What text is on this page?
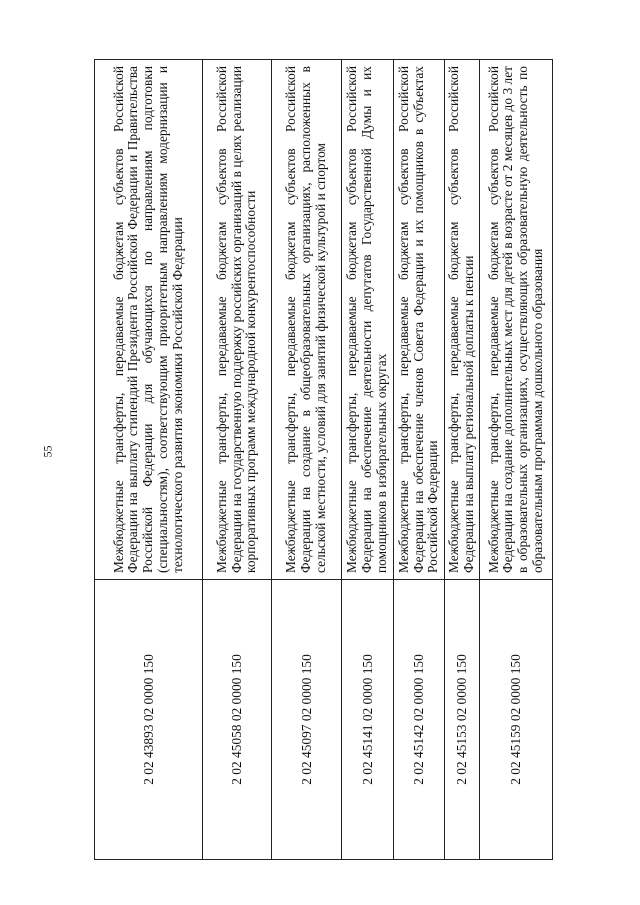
55
2 02 43893 02 0000 150	Межбюджетные трансферты, передаваемые бюджетам субъектов Российской Федерации на выплату стипендий Президента Российской Федерации и Правительства Российской Федерации для обучающихся по направлениям подготовки (специальностям), соответствующим приоритетным направлениям модернизации и технологического развития экономики Российской Федерации
2 02 45058 02 0000 150	Межбюджетные трансферты, передаваемые бюджетам субъектов Российской Федерации на государственную поддержку российских организаций в целях реализации корпоративных программ международной конкурентоспособности
2 02 45097 02 0000 150	Межбюджетные трансферты, передаваемые бюджетам субъектов Российской Федерации на создание в общеобразовательных организациях, расположенных в сельской местности, условий для занятий физической культурой и спортом
2 02 45141 02 0000 150	Межбюджетные трансферты, передаваемые бюджетам субъектов Российской Федерации на обеспечение деятельности депутатов Государственной Думы и их помощников в избирательных округах
2 02 45142 02 0000 150	Межбюджетные трансферты, передаваемые бюджетам субъектов Российской Федерации на обеспечение членов Совета Федерации и их помощников в субъектах Российской Федерации
2 02 45153 02 0000 150	Межбюджетные трансферты, передаваемые бюджетам субъектов Российской Федерации на выплату региональной доплаты к пенсии
2 02 45159 02 0000 150	Межбюджетные трансферты, передаваемые бюджетам субъектов Российской Федерации на создание дополнительных мест для детей в возрасте от 2 месяцев до 3 лет в образовательных организациях, осуществляющих образовательную деятельность по образовательным программам дошкольного образования
